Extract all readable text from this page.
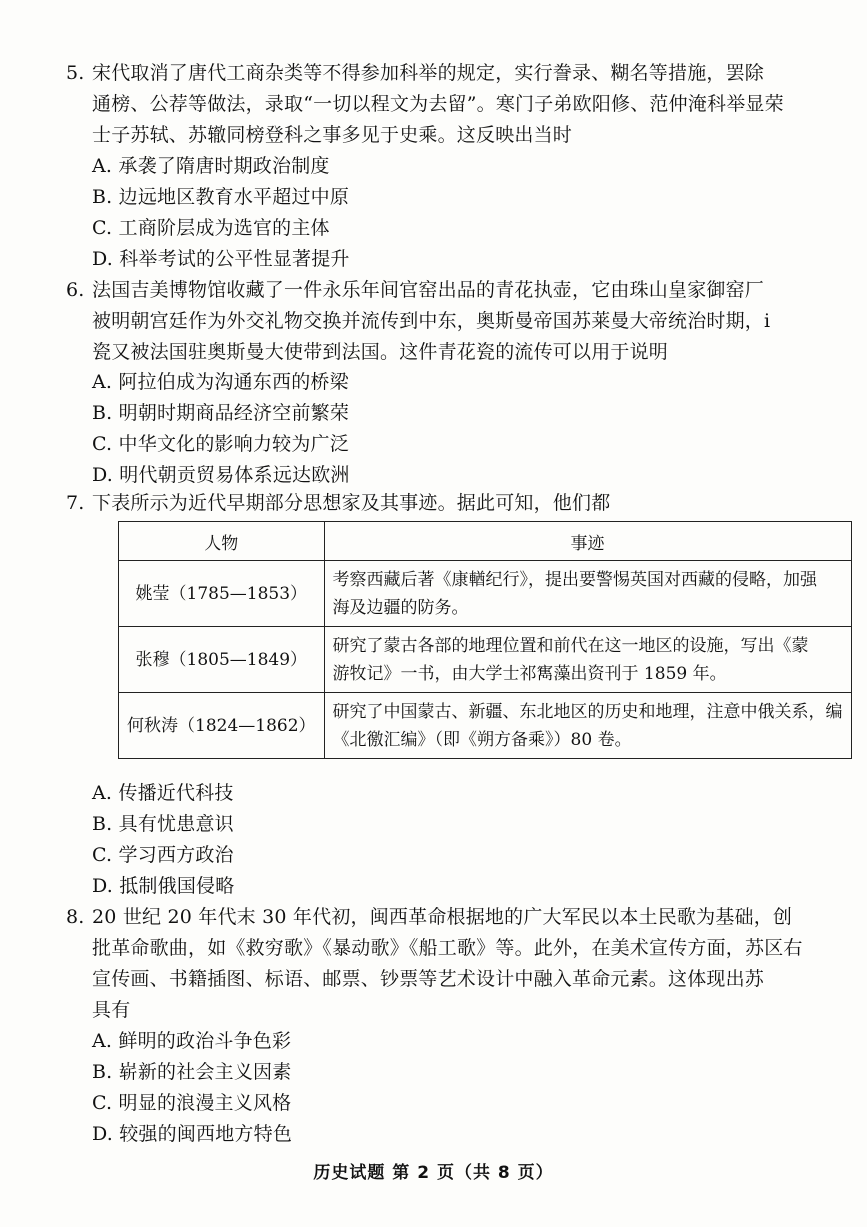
5. 宋代取消了唐代工商杂类等不得参加科举的规定，实行誊录、糊名等措施，罢除
通榜、公荐等做法，录取“一切以程文为去留”。寒门子弟欧阳修、范仲淹科举显荣
士子苏轼、苏辙同榜登科之事多见于史乘。这反映出当时
A. 承袭了隋唐时期政治制度
B. 边远地区教育水平超过中原
C. 工商阶层成为选官的主体
D. 科举考试的公平性显著提升
6. 法国吉美博物馆收藏了一件永乐年间官窑出品的青花执壶，它由珠山皇家御窑厂
被明朝宫廷作为外交礼物交换并流传到中东，奥斯曼帝国苏莱曼大帝统治时期，i
瓷又被法国驻奥斯曼大使带到法国。这件青花瓷的流传可以用于说明
A. 阿拉伯成为沟通东西的桥梁
B. 明朝时期商品经济空前繁荣
C. 中华文化的影响力较为广泛
D. 明代朝贡贸易体系远达欧洲
7. 下表所示为近代早期部分思想家及其事迹。据此可知，他们都
人物	事迹
姚莹（1785—1853）	考察西藏后著《康輶纪行》，提出要警惕英国对西藏的侵略，加强
海及边疆的防务。

张穆（1805—1849）	研究了蒙古各部的地理位置和前代在这一地区的设施，写出《蒙
游牧记》一书，由大学士祁寯藻出资刊于 1859 年。

何秋涛（1824—1862）	研究了中国蒙古、新疆、东北地区的历史和地理，注意中俄关系，编
《北徼汇编》（即《朔方备乘》）80 卷。
A. 传播近代科技
B. 具有忧患意识
C. 学习西方政治
D. 抵制俄国侵略
8. 20 世纪 20 年代末 30 年代初，闽西革命根据地的广大军民以本土民歌为基础，创
批革命歌曲，如《救穷歌》《暴动歌》《船工歌》等。此外，在美术宣传方面，苏区右
宣传画、书籍插图、标语、邮票、钞票等艺术设计中融入革命元素。这体现出苏
具有
A. 鲜明的政治斗争色彩
B. 崭新的社会主义因素
C. 明显的浪漫主义风格
D. 较强的闽西地方特色
历史试题 第 2 页（共 8 页）
